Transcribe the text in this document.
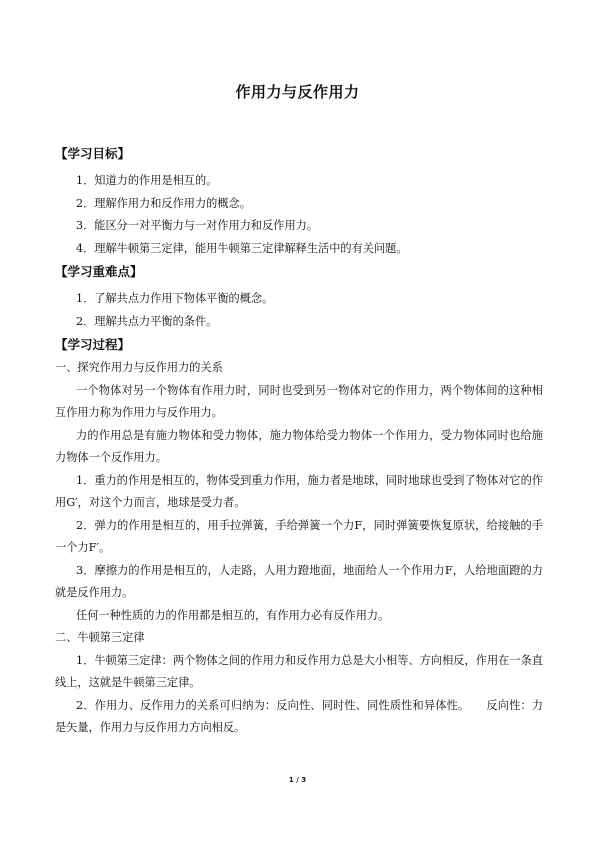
作用力与反作用力

【学习目标】

1．知道力的作用是相互的。

2．理解作用力和反作用力的概念。

3．能区分一对平衡力与一对作用力和反作用力。

4．理解牛顿第三定律，能用牛顿第三定律解释生活中的有关问题。

【学习重难点】

1．了解共点力作用下物体平衡的概念。

2．理解共点力平衡的条件。

【学习过程】

一、探究作用力与反作用力的关系

一个物体对另一个物体有作用力时，同时也受到另一物体对它的作用力，两个物体间的这种相互作用力称为作用力与反作用力。

力的作用总是有施力物体和受力物体，施力物体给受力物体一个作用力，受力物体同时也给施力物体一个反作用力。

1．重力的作用是相互的，物体受到重力作用，施力者是地球，同时地球也受到了物体对它的作用G′，对这个力而言，地球是受力者。

2．弹力的作用是相互的，用手拉弹簧，手给弹簧一个力F，同时弹簧要恢复原状，给接触的手一个力F′。

3．摩擦力的作用是相互的，人走路，人用力蹬地面，地面给人一个作用力F，人给地面蹬的力就是反作用力。

任何一种性质的力的作用都是相互的，有作用力必有反作用力。

二、牛顿第三定律

1．牛顿第三定律：两个物体之间的作用力和反作用力总是大小相等、方向相反，作用在一条直线上，这就是牛顿第三定律。

2．作用力、反作用力的关系可归纳为：反向性、同时性、同性质性和异体性。　　反向性：力是矢量，作用力与反作用力方向相反。

1 / 3
